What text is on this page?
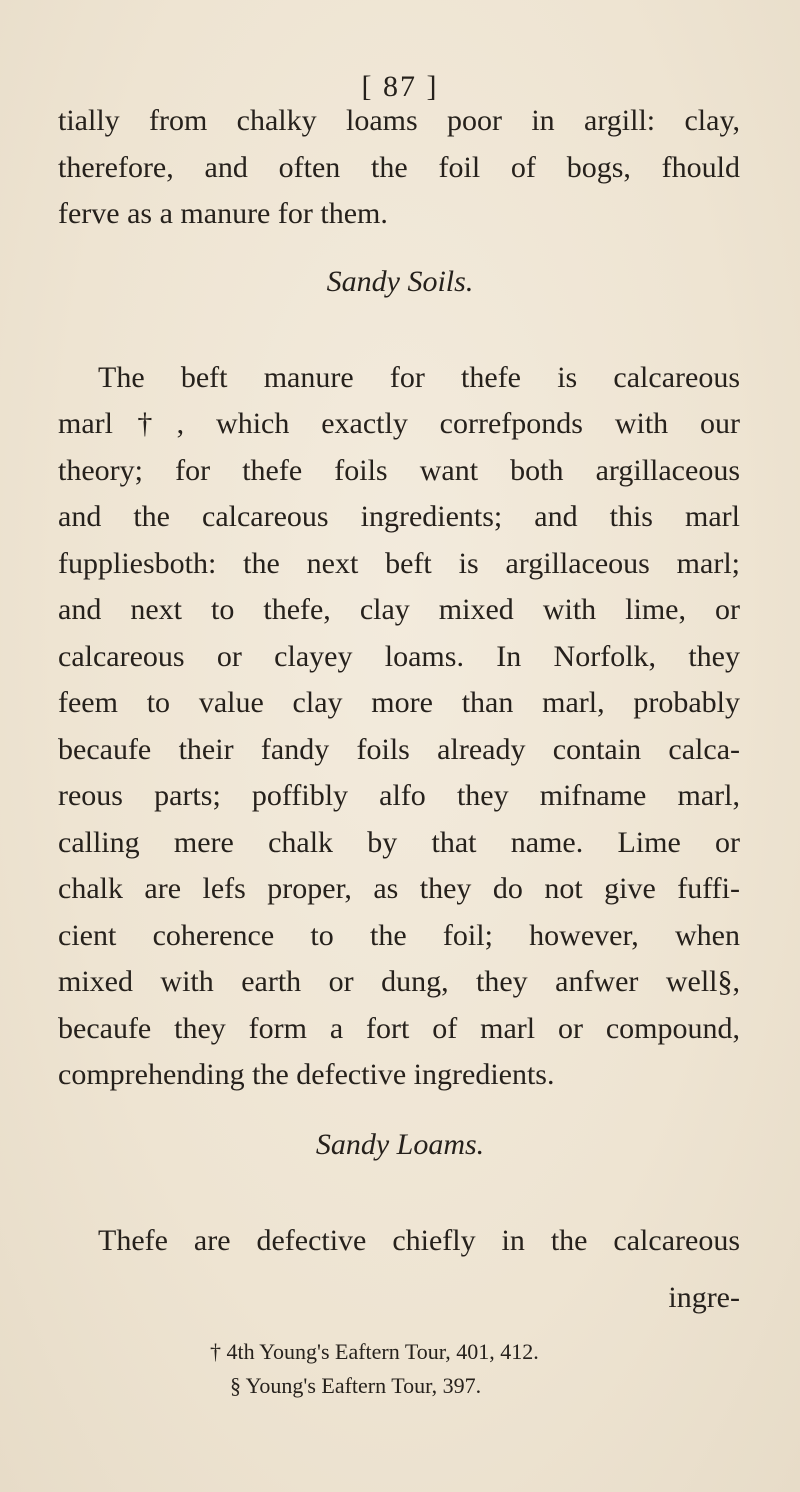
[ 87 ]
tially from chalky loams poor in argill: clay,
therefore, and often the foil of bogs, fhould
ferve as a manure for them.
Sandy Soils.
The beft manure for thefe is calcareous
marl†, which exactly correfponds with our
theory; for thefe foils want both argillaceous
and the calcareous ingredients; and this marl
fuppliesboth: the next beft is argillaceous marl;
and next to thefe, clay mixed with lime, or
calcareous or clayey loams. In Norfolk, they
feem to value clay more than marl, probably
becaufe their fandy foils already contain calca-
reous parts; poffibly alfo they mifname marl,
calling mere chalk by that name. Lime or
chalk are lefs proper, as they do not give fuffi-
cient coherence to the foil; however, when
mixed with earth or dung, they anfwer well§,
becaufe they form a fort of marl or compound,
comprehending the defective ingredients.
Sandy Loams.
Thefe are defective chiefly in the calcareous
ingre-
† 4th Young's Eaftern Tour, 401, 412.
§ Young's Eaftern Tour, 397.
